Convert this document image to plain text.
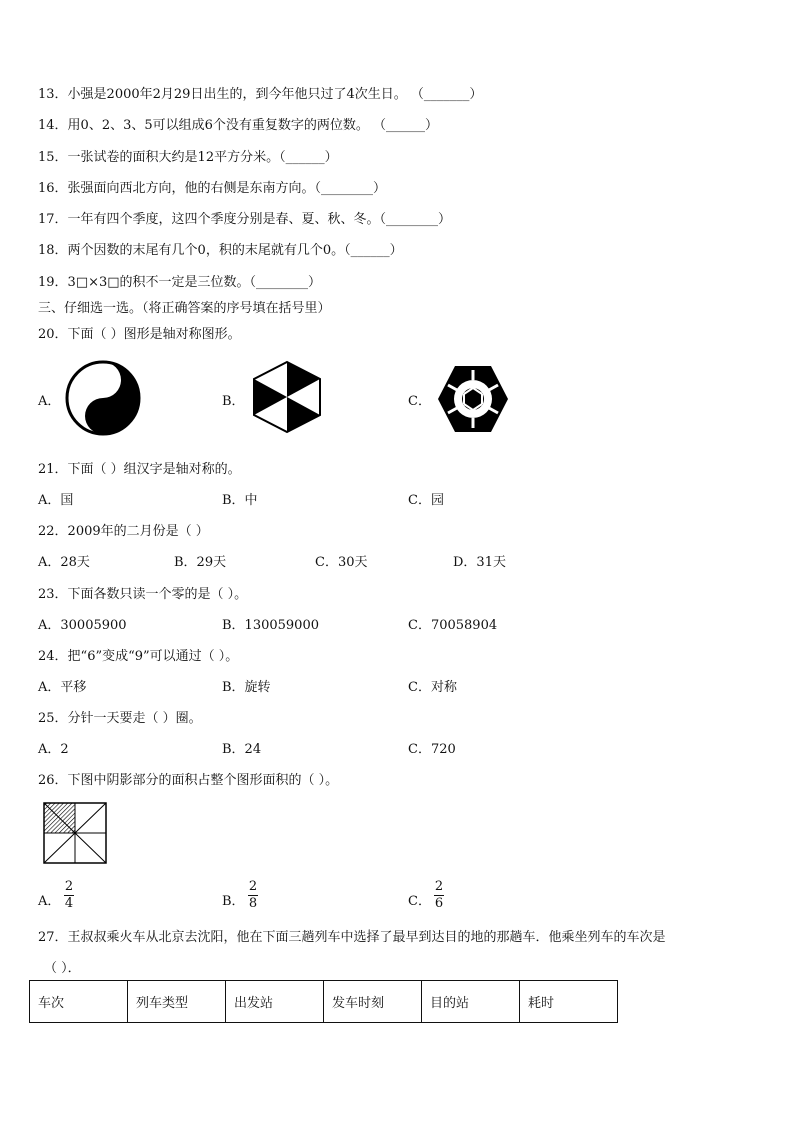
13．小强是2000年2月29日出生的，到今年他只过了4次生日。 （_______）
14．用0、2、3、5可以组成6个没有重复数字的两位数。 （______）
15．一张试卷的面积大约是12平方分米。（______）
16．张强面向西北方向，他的右侧是东南方向。（________）
17．一年有四个季度，这四个季度分别是春、夏、秋、冬。（________）
18．两个因数的末尾有几个0，积的末尾就有几个0。（______）
19．3□×3□的积不一定是三位数。（________）
三、仔细选一选。（将正确答案的序号填在括号里）
20．下面（ ）图形是轴对称图形。
A．	B．	C．
21．下面（ ）组汉字是轴对称的。
A．国	B．中	C．园
22．2009年的二月份是（ ）
A．28天	B．29天	C．30天	D．31天
23．下面各数只读一个零的是（ ）。
A．30005900	B．130059000	C．70058904
24．把“6”变成“9”可以通过（ ）。
A．平移	B．旋转	C．对称
25．分针一天要走（ ）圈。
A．2	B．24	C．720
26．下图中阴影部分的面积占整个图形面积的（ ）。
A．
2
4	B．
2
8	C．
2
6
27．王叔叔乘火车从北京去沈阳，他在下面三趟列车中选择了最早到达目的地的那趟车．他乘坐列车的车次是
（ ）．
车次	列车类型	出发站	发车时刻	目的站	耗时
